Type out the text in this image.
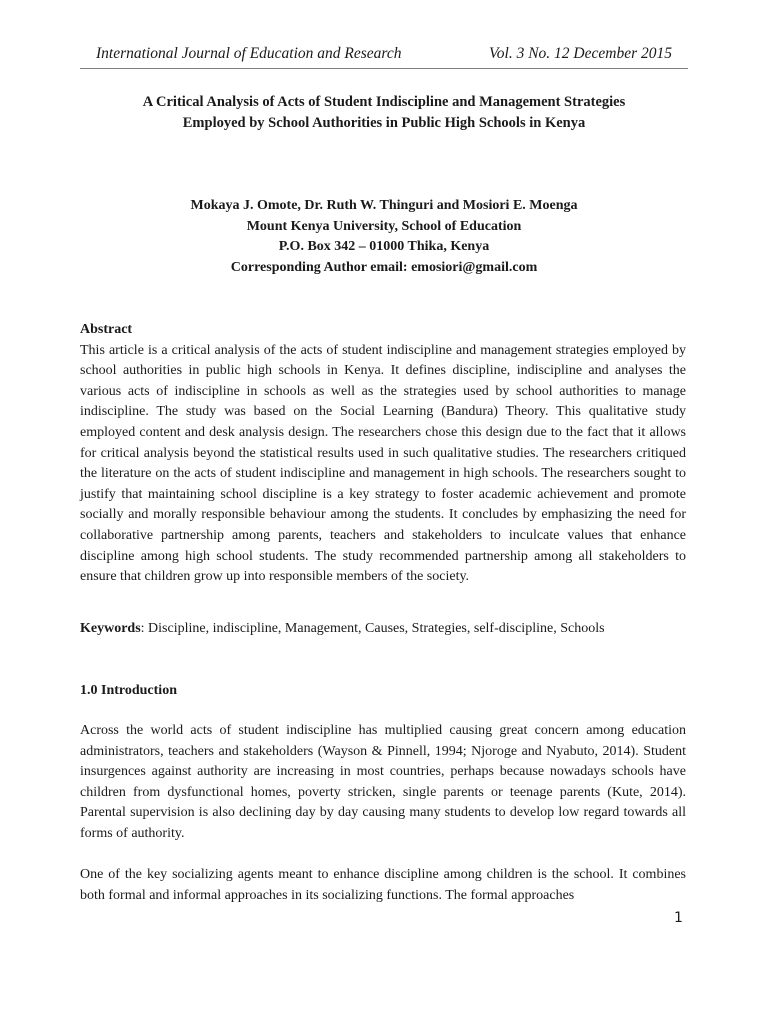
International Journal of Education and Research	Vol. 3 No. 12 December 2015
A Critical Analysis of Acts of Student Indiscipline and Management Strategies
Employed by School Authorities in Public High Schools in Kenya
Mokaya J. Omote, Dr. Ruth W. Thinguri and Mosiori E. Moenga
Mount Kenya University, School of Education
P.O. Box 342 – 01000 Thika, Kenya
Corresponding Author email: emosiori@gmail.com
Abstract

This article is a critical analysis of the acts of student indiscipline and management strategies employed by school authorities in public high schools in Kenya. It defines discipline, indiscipline and analyses the various acts of indiscipline in schools as well as the strategies used by school authorities to manage indiscipline. The study was based on the Social Learning (Bandura) Theory. This qualitative study employed content and desk analysis design. The researchers chose this design due to the fact that it allows for critical analysis beyond the statistical results used in such qualitative studies. The researchers critiqued the literature on the acts of student indiscipline and management in high schools. The researchers sought to justify that maintaining school discipline is a key strategy to foster academic achievement and promote socially and morally responsible behaviour among the students. It concludes by emphasizing the need for collaborative partnership among parents, teachers and stakeholders to inculcate values that enhance discipline among high school students. The study recommended partnership among all stakeholders to ensure that children grow up into responsible members of the society.

Keywords: Discipline, indiscipline, Management, Causes, Strategies, self-discipline, Schools

1.0 Introduction

Across the world acts of student indiscipline has multiplied causing great concern among education administrators, teachers and stakeholders (Wayson & Pinnell, 1994; Njoroge and Nyabuto, 2014). Student insurgences against authority are increasing in most countries, perhaps because nowadays schools have children from dysfunctional homes, poverty stricken, single parents or teenage parents (Kute, 2014). Parental supervision is also declining day by day causing many students to develop low regard towards all forms of authority.

One of the key socializing agents meant to enhance discipline among children is the school. It combines both formal and informal approaches in its socializing functions. The formal approaches

1
